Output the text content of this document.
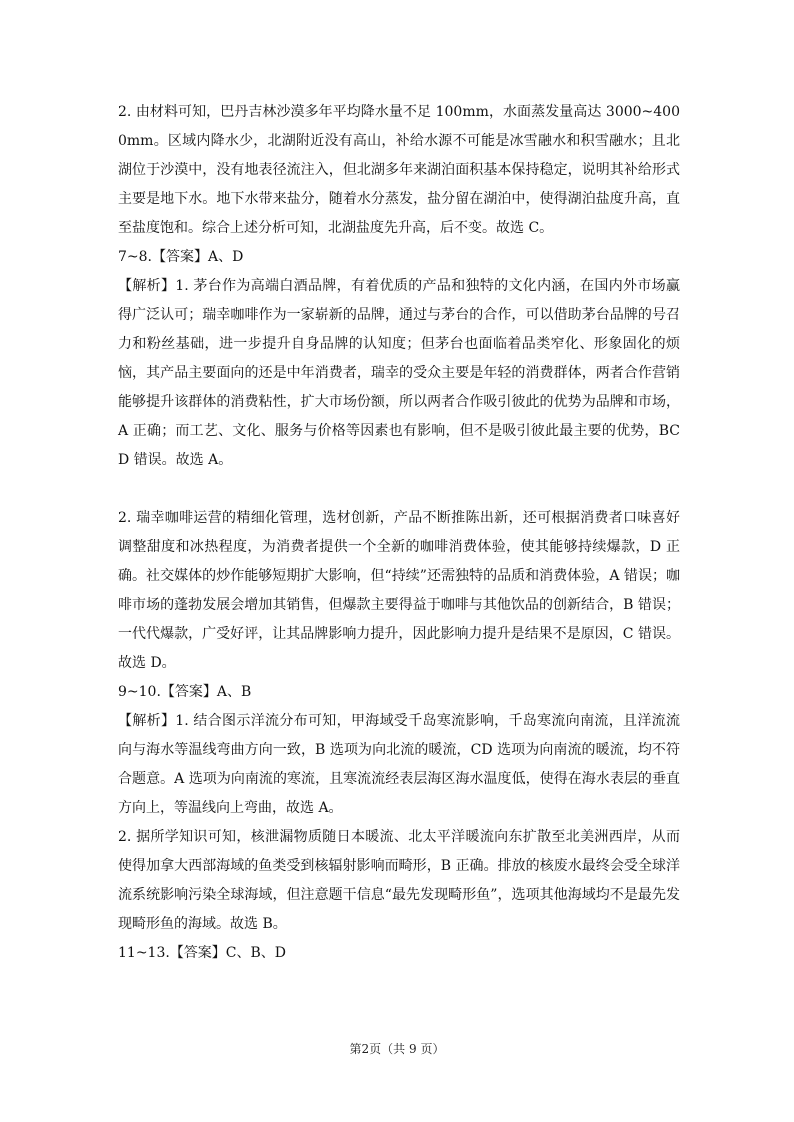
2. 由材料可知，巴丹吉林沙漠多年平均降水量不足 100mm，水面蒸发量高达 3000~4000mm。区域内降水少，北湖附近没有高山，补给水源不可能是冰雪融水和积雪融水；且北湖位于沙漠中，没有地表径流注入，但北湖多年来湖泊面积基本保持稳定，说明其补给形式主要是地下水。地下水带来盐分，随着水分蒸发，盐分留在湖泊中，使得湖泊盐度升高，直至盐度饱和。综合上述分析可知，北湖盐度先升高，后不变。故选 C。

7~8.【答案】A、D

【解析】1. 茅台作为高端白酒品牌，有着优质的产品和独特的文化内涵，在国内外市场赢得广泛认可；瑞幸咖啡作为一家崭新的品牌，通过与茅台的合作，可以借助茅台品牌的号召力和粉丝基础，进一步提升自身品牌的认知度；但茅台也面临着品类窄化、形象固化的烦恼，其产品主要面向的还是中年消费者，瑞幸的受众主要是年轻的消费群体，两者合作营销能够提升该群体的消费粘性，扩大市场份额，所以两者合作吸引彼此的优势为品牌和市场，A 正确；而工艺、文化、服务与价格等因素也有影响，但不是吸引彼此最主要的优势，BCD 错误。故选 A。

2. 瑞幸咖啡运营的精细化管理，选材创新，产品不断推陈出新，还可根据消费者口味喜好调整甜度和冰热程度，为消费者提供一个全新的咖啡消费体验，使其能够持续爆款，D 正确。社交媒体的炒作能够短期扩大影响，但“持续”还需独特的品质和消费体验，A 错误；咖啡市场的蓬勃发展会增加其销售，但爆款主要得益于咖啡与其他饮品的创新结合，B 错误；一代代爆款，广受好评，让其品牌影响力提升，因此影响力提升是结果不是原因，C 错误。故选 D。

9~10.【答案】A、B

【解析】1. 结合图示洋流分布可知，甲海域受千岛寒流影响，千岛寒流向南流，且洋流流向与海水等温线弯曲方向一致，B 选项为向北流的暖流，CD 选项为向南流的暖流，均不符合题意。A 选项为向南流的寒流，且寒流流经表层海区海水温度低，使得在海水表层的垂直方向上，等温线向上弯曲，故选 A。

2. 据所学知识可知，核泄漏物质随日本暖流、北太平洋暖流向东扩散至北美洲西岸，从而使得加拿大西部海域的鱼类受到核辐射影响而畸形，B 正确。排放的核废水最终会受全球洋流系统影响污染全球海域，但注意题干信息“最先发现畸形鱼”，选项其他海域均不是最先发现畸形鱼的海域。故选 B。

11~13.【答案】C、B、D

第2页（共 9 页）
